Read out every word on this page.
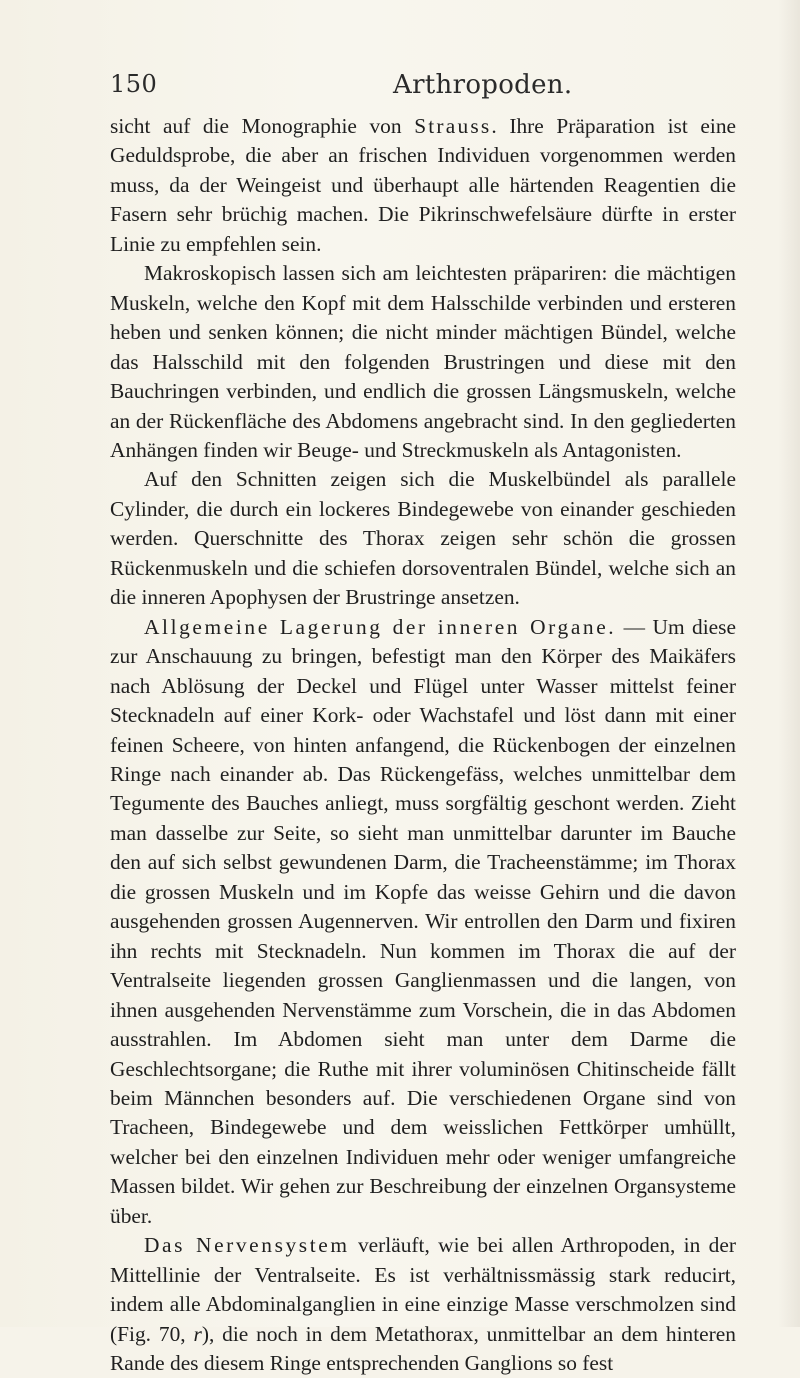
150	Arthropoden.

sicht auf die Monographie von Strauss. Ihre Präparation ist eine Geduldsprobe, die aber an frischen Individuen vorgenommen werden muss, da der Weingeist und überhaupt alle härtenden Reagentien die Fasern sehr brüchig machen. Die Pikrinschwefelsäure dürfte in erster Linie zu empfehlen sein.

Makroskopisch lassen sich am leichtesten präpariren: die mächtigen Muskeln, welche den Kopf mit dem Halsschilde verbinden und ersteren heben und senken können; die nicht minder mächtigen Bündel, welche das Halsschild mit den folgenden Brustringen und diese mit den Bauchringen verbinden, und endlich die grossen Längsmuskeln, welche an der Rückenfläche des Abdomens angebracht sind. In den gegliederten Anhängen finden wir Beuge- und Streckmuskeln als Antagonisten.

Auf den Schnitten zeigen sich die Muskelbündel als parallele Cylinder, die durch ein lockeres Bindegewebe von einander geschieden werden. Querschnitte des Thorax zeigen sehr schön die grossen Rückenmuskeln und die schiefen dorsoventralen Bündel, welche sich an die inneren Apophysen der Brustringe ansetzen.

Allgemeine Lagerung der inneren Organe. — Um diese zur Anschauung zu bringen, befestigt man den Körper des Maikäfers nach Ablösung der Deckel und Flügel unter Wasser mittelst feiner Stecknadeln auf einer Kork- oder Wachstafel und löst dann mit einer feinen Scheere, von hinten anfangend, die Rückenbogen der einzelnen Ringe nach einander ab. Das Rückengefäss, welches unmittelbar dem Tegumente des Bauches anliegt, muss sorgfältig geschont werden. Zieht man dasselbe zur Seite, so sieht man unmittelbar darunter im Bauche den auf sich selbst gewundenen Darm, die Tracheenstämme; im Thorax die grossen Muskeln und im Kopfe das weisse Gehirn und die davon ausgehenden grossen Augennerven. Wir entrollen den Darm und fixiren ihn rechts mit Stecknadeln. Nun kommen im Thorax die auf der Ventralseite liegenden grossen Ganglienmassen und die langen, von ihnen ausgehenden Nervenstämme zum Vorschein, die in das Abdomen ausstrahlen. Im Abdomen sieht man unter dem Darme die Geschlechtsorgane; die Ruthe mit ihrer voluminösen Chitinscheide fällt beim Männchen besonders auf. Die verschiedenen Organe sind von Tracheen, Bindegewebe und dem weisslichen Fettkörper umhüllt, welcher bei den einzelnen Individuen mehr oder weniger umfangreiche Massen bildet. Wir gehen zur Beschreibung der einzelnen Organsysteme über.

Das Nervensystem verläuft, wie bei allen Arthropoden, in der Mittellinie der Ventralseite. Es ist verhältnissmässig stark reducirt, indem alle Abdominalganglien in eine einzige Masse verschmolzen sind (Fig. 70, r), die noch in dem Metathorax, unmittelbar an dem hinteren Rande des diesem Ringe entsprechenden Ganglions so fest
